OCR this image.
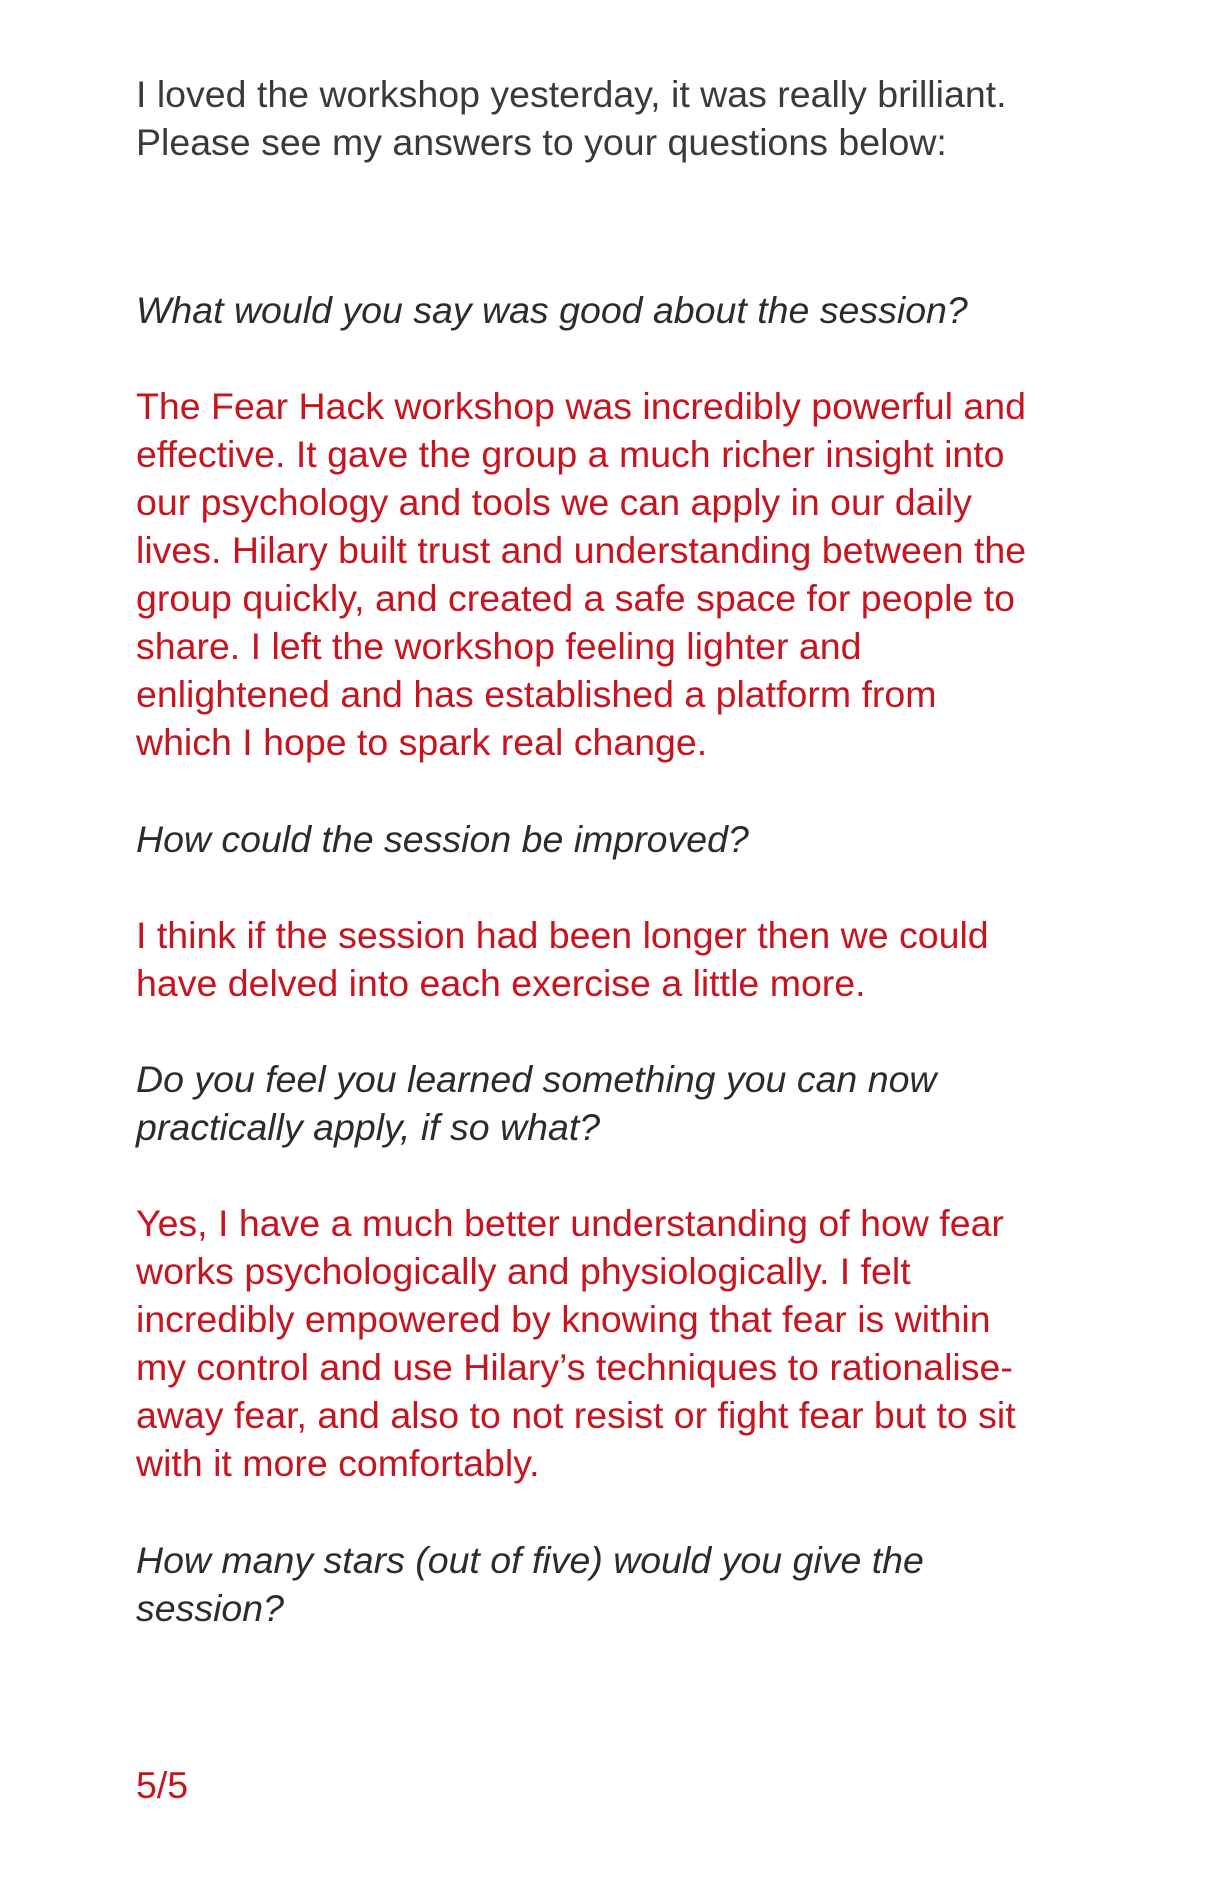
I loved the workshop yesterday, it was really brilliant.
Please see my answers to your questions below:

What would you say was good about the session?

The Fear Hack workshop was incredibly powerful and
effective. It gave the group a much richer insight into
our psychology and tools we can apply in our daily
lives. Hilary built trust and understanding between the
group quickly, and created a safe space for people to
share. I left the workshop feeling lighter and
enlightened and has established a platform from
which I hope to spark real change.

How could the session be improved?

I think if the session had been longer then we could
have delved into each exercise a little more.

Do you feel you learned something you can now
practically apply, if so what?

Yes, I have a much better understanding of how fear
works psychologically and physiologically. I felt
incredibly empowered by knowing that fear is within
my control and use Hilary’s techniques to rationalise-
away fear, and also to not resist or fight fear but to sit
with it more comfortably.

How many stars (out of five) would you give the
session?

5/5
